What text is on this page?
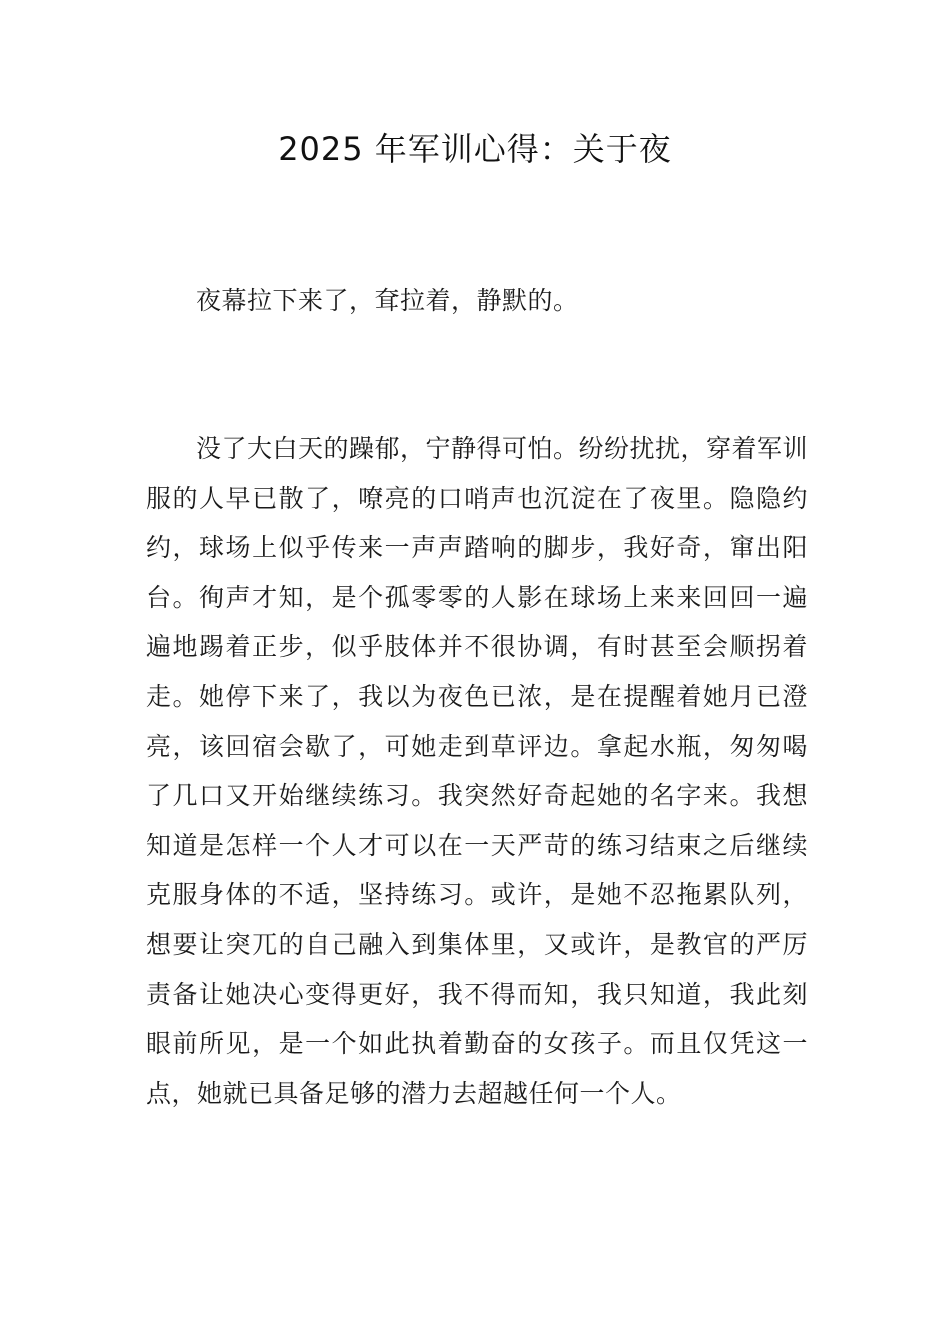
2025 年军训心得：关于夜

夜幕拉下来了，耷拉着，静默的。

没了大白天的躁郁，宁静得可怕。纷纷扰扰，穿着军训服的人早已散了，嘹亮的口哨声也沉淀在了夜里。隐隐约约，球场上似乎传来一声声踏响的脚步，我好奇，窜出阳台。徇声才知，是个孤零零的人影在球场上来来回回一遍遍地踢着正步，似乎肢体并不很协调，有时甚至会顺拐着走。她停下来了，我以为夜色已浓，是在提醒着她月已澄亮，该回宿会歇了，可她走到草评边。拿起水瓶，匆匆喝了几口又开始继续练习。我突然好奇起她的名字来。我想知道是怎样一个人才可以在一天严苛的练习结束之后继续克服身体的不适，坚持练习。或许，是她不忍拖累队列，想要让突兀的自己融入到集体里，又或许，是教官的严厉责备让她决心变得更好，我不得而知，我只知道，我此刻眼前所见，是一个如此执着勤奋的女孩子。而且仅凭这一点，她就已具备足够的潜力去超越任何一个人。
